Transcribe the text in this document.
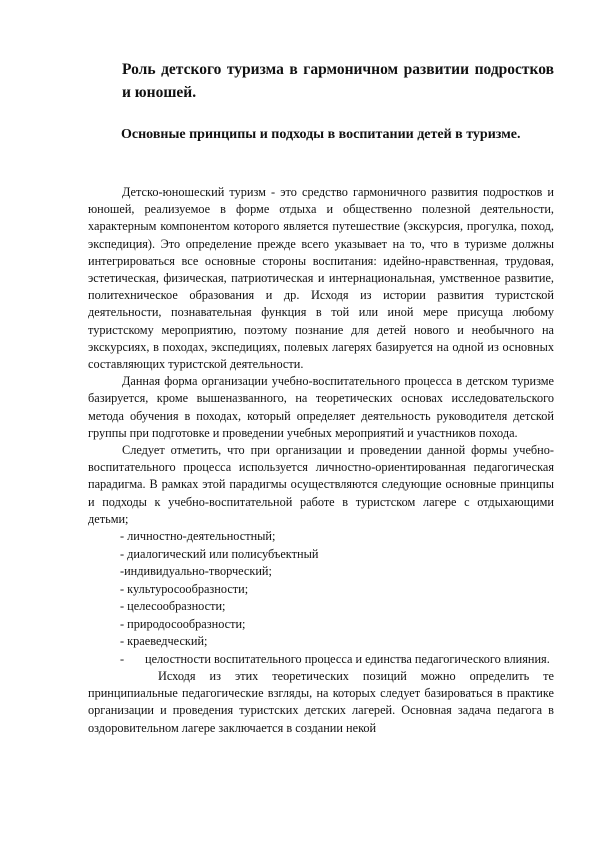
Роль детского туризма в гармоничном развитии подростков и юношей.
Основные принципы и подходы в воспитании детей в туризме.

Детско-юношеский туризм - это средство гармоничного развития подростков и юношей, реализуемое в форме отдыха и общественно полезной деятельности, характерным компонентом которого является путешествие (экскурсия, прогулка, поход, экспедиция). Это определение прежде всего указывает на то, что в туризме должны интегрироваться все основные стороны воспитания: идейно-нравственная, трудовая, эстетическая, физическая, патриотическая и интернациональная, умственное развитие, политехническое образования и др. Исходя из истории развития туристской деятельности, познавательная функция в той или иной мере присуща любому туристскому мероприятию, поэтому познание для детей нового и необычного на экскурсиях, в походах, экспедициях, полевых лагерях базируется на одной из основных составляющих туристской деятельности.

Данная форма организации учебно-воспитательного процесса в детском туризме базируется, кроме вышеназванного, на теоретических основах исследовательского метода обучения в походах, который определяет деятельность руководителя детской группы при подготовке и проведении учебных мероприятий и участников похода.

Следует отметить, что при организации и проведении данной формы учебно-воспитательного процесса используется личностно-ориентированная педагогическая парадигма. В рамках этой парадигмы осуществляются следующие основные принципы и подходы к учебно-воспитательной работе в туристском лагере с отдыхающими детьми;

- личностно-деятельностный;
- диалогический или полисубъектный
-индивидуально-творческий;
- культуросообразности;
- целесообразности;
- природосообразности;
- краеведческий;
-	целостности воспитательного процесса и единства педагогического влияния.

Исходя из этих теоретических позиций можно определить те принципиальные педагогические взгляды, на которых следует базироваться в практике организации и проведения туристских детских лагерей. Основная задача педагога в оздоровительном лагере заключается в создании некой
